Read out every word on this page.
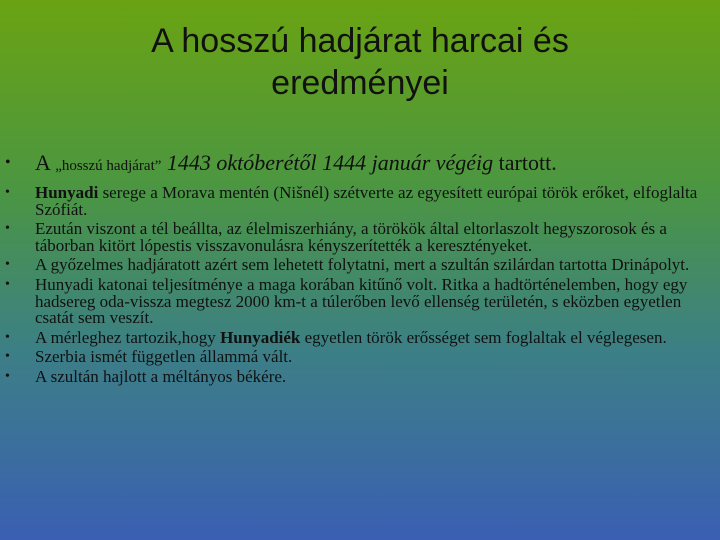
A hosszú hadjárat harcai és
eredményei
• A „hosszú hadjárat” 1443 októberétől 1444 január végéig tartott.
• Hunyadi serege a Morava mentén (Nišnél) szétverte az egyesített európai török erőket, elfoglalta Szófiát.
• Ezután viszont a tél beállta, az élelmiszerhiány, a törökök által eltorlaszolt hegyszorosok és a táborban kitört lópestis visszavonulásra kényszerítették a keresztényeket.
• A győzelmes hadjáratott azért sem lehetett folytatni, mert a szultán szilárdan tartotta Drinápolyt.
• Hunyadi katonai teljesítménye a maga korában kitűnő volt. Ritka a hadtörténelemben, hogy egy hadsereg oda-vissza megtesz 2000 km-t a túlerőben levő ellenség területén, s eközben egyetlen csatát sem veszít.
• A mérleghez tartozik,hogy Hunyadiék egyetlen török erősséget sem foglaltak el véglegesen.
• Szerbia ismét független állammá vált.
• A szultán hajlott a méltányos békére.
